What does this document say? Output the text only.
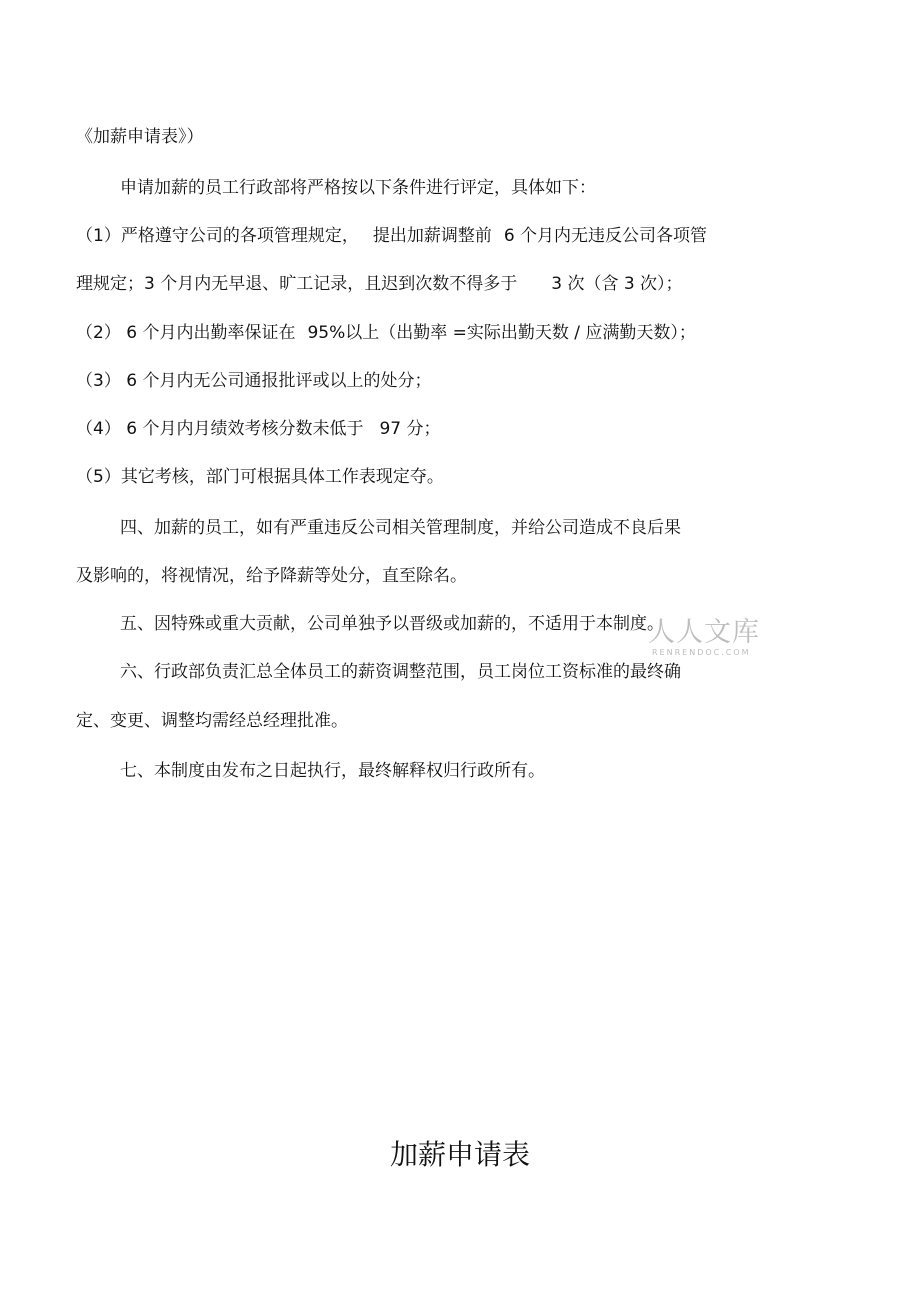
《加薪申请表》）
申请加薪的员工行政部将严格按以下条件进行评定，具体如下：
（1）严格遵守公司的各项管理规定， 提出加薪调整前 6 个月内无违反公司各项管
理规定；3 个月内无早退、旷工记录，且迟到次数不得多于 3 次（含 3 次）；
（2） 6 个月内出勤率保证在 95%以上（出勤率 =实际出勤天数 / 应满勤天数）；
（3） 6 个月内无公司通报批评或以上的处分；
（4） 6 个月内月绩效考核分数未低于 97 分；
（5）其它考核，部门可根据具体工作表现定夺。
四、加薪的员工，如有严重违反公司相关管理制度，并给公司造成不良后果
及影响的，将视情况，给予降薪等处分，直至除名。
五、因特殊或重大贡献，公司单独予以晋级或加薪的，不适用于本制度。
六、行政部负责汇总全体员工的薪资调整范围，员工岗位工资标准的最终确
定、变更、调整均需经总经理批准。
七、本制度由发布之日起执行，最终解释权归行政所有。
人人文库
RENRENDOC.COM
加薪申请表
